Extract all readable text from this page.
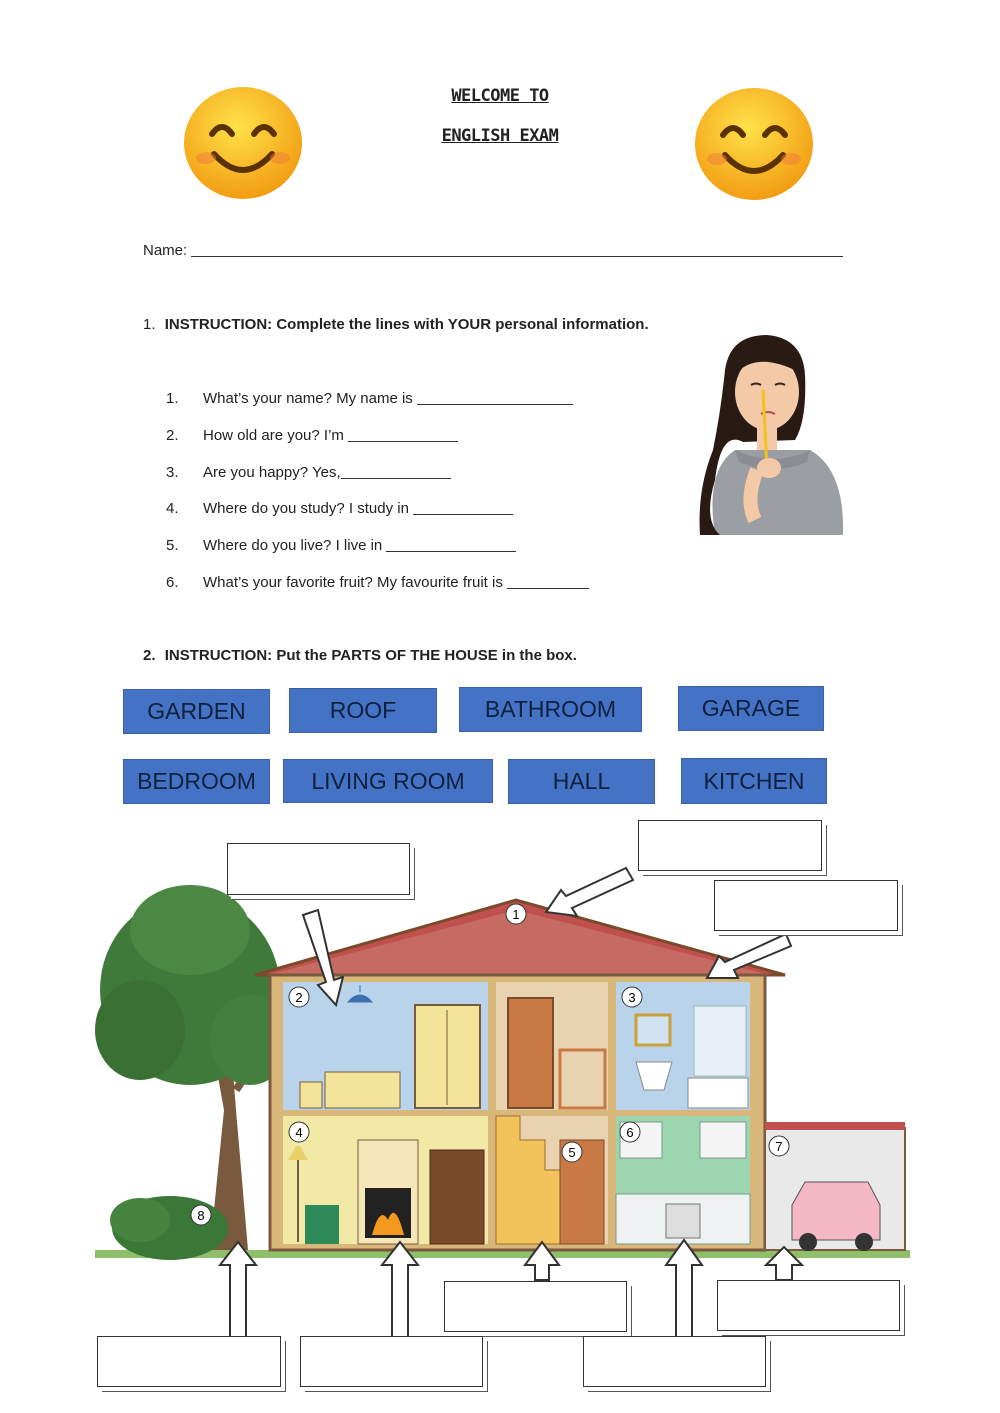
WELCOME TO
ENGLISH EXAM
Name:
1. INSTRUCTION: Complete the lines with YOUR personal information.
1. What’s your name? My name is
2. How old are you? I’m
3. Are you happy? Yes,
4. Where do you study? I study in
5. Where do you live? I live in
6. What’s your favorite fruit? My favourite fruit is
2. INSTRUCTION: Put the PARTS OF THE HOUSE in the box.
GARDEN	ROOF	BATHROOM	GARAGE
BEDROOM	LIVING ROOM	HALL	KITCHEN
8
1
2	3
4
5
6
7
